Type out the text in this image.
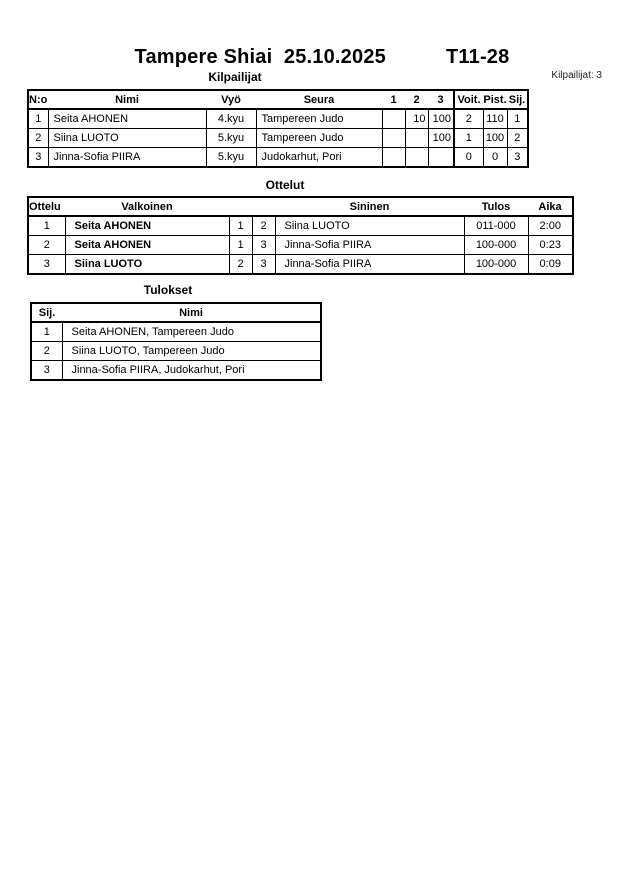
Tampere Shiai  25.10.2025	T11-28
Kilpailijat	Kilpailijat: 3
N:o	Nimi	Vyö	Seura	1	2	3	Voit.	Pist.	Sij.
1	Seita AHONEN	4.kyu	Tampereen Judo		10	100	2	110	1
2	Siina LUOTO	5.kyu	Tampereen Judo			100	1	100	2
3	Jinna-Sofia PIIRA	5.kyu	Judokarhut, Pori				0	0	3
Ottelut
Ottelu	Valkoinen			Sininen	Tulos	Aika
1	Seita AHONEN	1	2	Siina LUOTO	011-000	2:00
2	Seita AHONEN	1	3	Jinna-Sofia PIIRA	100-000	0:23
3	Siina LUOTO	2	3	Jinna-Sofia PIIRA	100-000	0:09
Tulokset
Sij.	Nimi
1	Seita AHONEN, Tampereen Judo
2	Siina LUOTO, Tampereen Judo
3	Jinna-Sofia PIIRA, Judokarhut, Pori
